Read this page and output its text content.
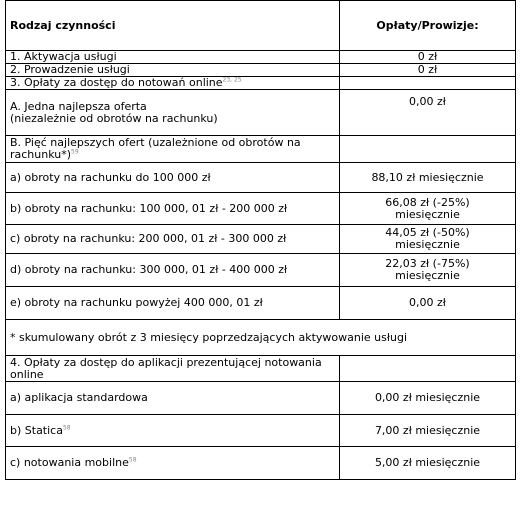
Rodzaj czynności	Opłaty/Prowizje:
1. Aktywacja usługi	0 zł
2. Prowadzenie usługi	0 zł
3. Opłaty za dostęp do notowań online$^{23, 25}$	
A. Jedna najlepsza oferta
(niezależnie od obrotów na rachunku)	0,00 zł
B. Pięć najlepszych ofert (uzależnione od obrotów na rachunku*)$^{59}$	
a) obroty na rachunku do 100 000 zł	88,10 zł miesięcznie
b) obroty na rachunku: 100 000, 01 zł - 200 000 zł	66,08 zł (-25%)
miesięcznie
c) obroty na rachunku: 200 000, 01 zł - 300 000 zł	44,05 zł (-50%)
miesięcznie
d) obroty na rachunku: 300 000, 01 zł - 400 000 zł	22,03 zł (-75%)
miesięcznie
e) obroty na rachunku powyżej 400 000, 01 zł	0,00 zł
* skumulowany obrót z 3 miesięcy poprzedzających aktywowanie usługi	
4. Opłaty za dostęp do aplikacji prezentującej notowania online	
a) aplikacja standardowa	0,00 zł miesięcznie
b) Statica$^{58}$	7,00 zł miesięcznie
c) notowania mobilne$^{58}$	5,00 zł miesięcznie
